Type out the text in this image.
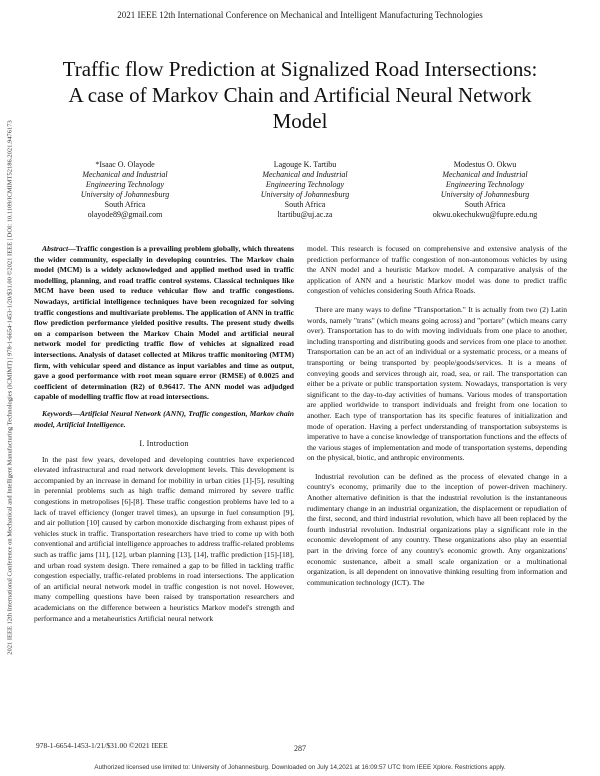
2021 IEEE 12th International Conference on Mechanical and Intelligent Manufacturing Technologies
2021 IEEE 12th International Conference on Mechanical and Intelligent Manufacturing Technologies (ICMIMT) | 978-1-6654-1453-1/20/$31.00 ©2021 IEEE | DOI: 10.1109/ICMIMT52186.2021.9476173
Traffic flow Prediction at Signalized Road Intersections: A case of Markov Chain and Artificial Neural Network Model
*Isaac O. Olayode
Mechanical and Industrial
Engineering Technology
University of Johannesburg
South Africa
olayode89@gmail.com
Lagouge K. Tartibu
Mechanical and Industrial
Engineering Technology
University of Johannesburg
South Africa
ltartibu@uj.ac.za
Modestus O. Okwu
Mechanical and Industrial
Engineering Technology
University of Johannesburg
South Africa
okwu.okechukwu@fupre.edu.ng

Abstract—Traffic congestion is a prevailing problem globally, which threatens the wider community, especially in developing countries. The Markov chain model (MCM) is a widely acknowledged and applied method used in traffic modelling, planning, and road traffic control systems. Classical techniques like MCM have been used to reduce vehicular flow and traffic congestions. Nowadays, artificial intelligence techniques have been recognized for solving traffic congestions and multivariate problems. The application of ANN in traffic flow prediction performance yielded positive results. The present study dwells on a comparison between the Markov Chain Model and artificial neural network model for predicting traffic flow of vehicles at signalized road intersections. Analysis of dataset collected at Mikros traffic monitoring (MTM) firm, with vehicular speed and distance as input variables and time as output, gave a good performance with root mean square error (RMSE) of 0.0025 and coefficient of determination (R2) of 0.96417. The ANN model was adjudged capable of modelling traffic flow at road intersections.

Keywords—Artificial Neural Network (ANN), Traffic congestion, Markov chain model, Artificial Intelligence.

I. Introduction

In the past few years, developed and developing countries have experienced elevated infrastructural and road network development levels. This development is accompanied by an increase in demand for mobility in urban cities [1]-[5], resulting in perennial problems such as high traffic demand mirrored by severe traffic congestions in metropolises [6]-[8]. These traffic congestion problems have led to a lack of travel efficiency (longer travel times), an upsurge in fuel consumption [9], and air pollution [10] caused by carbon monoxide discharging from exhaust pipes of vehicles stuck in traffic. Transportation researchers have tried to come up with both conventional and artificial intelligence approaches to address traffic-related problems such as traffic jams [11], [12], urban planning [13], [14], traffic prediction [15]-[18], and urban road system design. There remained a gap to be filled in tackling traffic congestion especially, traffic-related problems in road intersections. The application of an artificial neural network model in traffic congestion is not novel. However, many compelling questions have been raised by transportation researchers and academicians on the difference between a heuristics Markov model's strength and performance and a metaheuristics Artificial neural network

model. This research is focused on comprehensive and extensive analysis of the prediction performance of traffic congestion of non-autonomous vehicles by using the ANN model and a heuristic Markov model. A comparative analysis of the application of ANN and a heuristic Markov model was done to predict traffic congestion of vehicles considering South Africa Roads.

There are many ways to define "Transportation." It is actually from two (2) Latin words, namely "trans" (which means going across) and "portare" (which means carry over). Transportation has to do with moving individuals from one place to another, including transporting and distributing goods and services from one place to another. Transportation can be an act of an individual or a systematic process, or a means of transporting or being transported by people/goods/services. It is a means of conveying goods and services through air, road, sea, or rail. The transportation can either be a private or public transportation system. Nowadays, transportation is very significant to the day-to-day activities of humans. Various modes of transportation are applied worldwide to transport individuals and freight from one location to another. Each type of transportation has its specific features of initialization and mode of operation. Having a perfect understanding of transportation subsystems is imperative to have a concise knowledge of transportation functions and the effects of the various stages of implementation and mode of transportation systems, depending on the physical, biotic, and anthropic environments.

Industrial revolution can be defined as the process of elevated change in a country's economy, primarily due to the inception of power-driven machinery. Another alternative definition is that the industrial revolution is the instantaneous rudimentary change in an industrial organization, the displacement or repudiation of the first, second, and third industrial revolution, which have all been replaced by the fourth industrial revolution. Industrial organizations play a significant role in the economic development of any country. These organizations also play an essential part in the driving force of any country's economic growth. Any organizations' economic sustenance, albeit a small scale organization or a multinational organization, is all dependent on innovative thinking resulting from information and communication technology (ICT). The

978-1-6654-1453-1/21/$31.00 ©2021 IEEE	287
Authorized licensed use limited to: University of Johannesburg. Downloaded on July 14,2021 at 16:09:57 UTC from IEEE Xplore. Restrictions apply.
